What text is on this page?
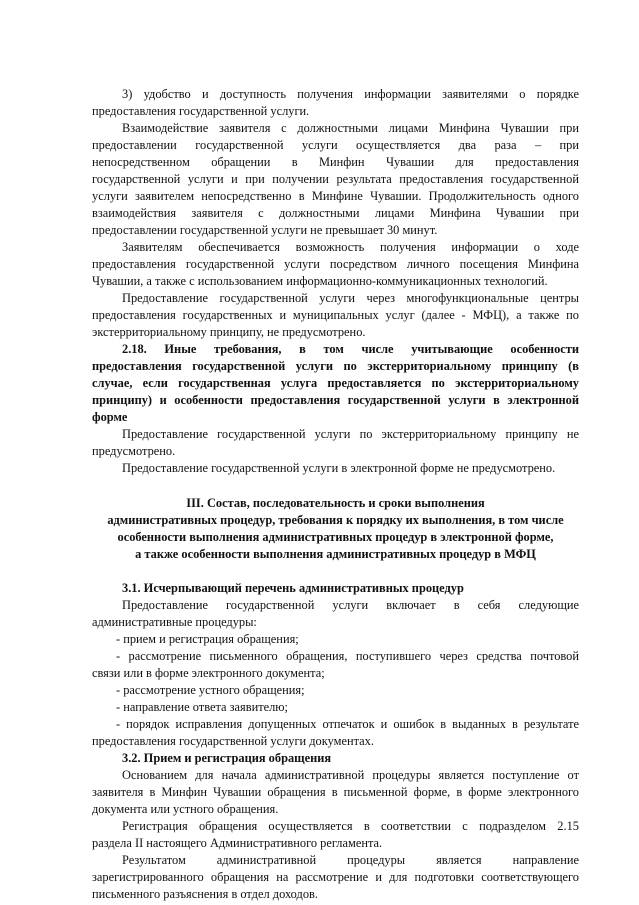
3) удобство и доступность получения информации заявителями о порядке
предоставления государственной услуги.
Взаимодействие заявителя с должностными лицами Минфина Чувашии при
предоставлении государственной услуги осуществляется два раза – при
непосредственном обращении в Минфин Чувашии для предоставления
государственной услуги и при получении результата предоставления государственной
услуги заявителем непосредственно в Минфине Чувашии. Продолжительность одного
взаимодействия заявителя с должностными лицами Минфина Чувашии при
предоставлении государственной услуги не превышает 30 минут.
Заявителям обеспечивается возможность получения информации о ходе
предоставления государственной услуги посредством личного посещения Минфина
Чувашии, а также с использованием информационно-коммуникационных технологий.
Предоставление государственной услуги через многофункциональные центры
предоставления государственных и муниципальных услуг (далее - МФЦ), а также по
экстерриториальному принципу, не предусмотрено.
2.18. Иные требования, в том числе учитывающие особенности
предоставления государственной услуги по экстерриториальному принципу (в
случае, если государственная услуга предоставляется по экстерриториальному
принципу) и особенности предоставления государственной услуги в электронной
форме
Предоставление государственной услуги по экстерриториальному принципу не
предусмотрено.
Предоставление государственной услуги в электронной форме не предусмотрено.
III. Состав, последовательность и сроки выполнения
административных процедур, требования к порядку их выполнения, в том числе
особенности выполнения административных процедур в электронной форме,
а также особенности выполнения административных процедур в МФЦ
3.1. Исчерпывающий перечень административных процедур
Предоставление государственной услуги включает в себя следующие
административные процедуры:
- прием и регистрация обращения;
- рассмотрение письменного обращения, поступившего через средства почтовой
связи или в форме электронного документа;
- рассмотрение устного обращения;
- направление ответа заявителю;
- порядок исправления допущенных отпечаток и ошибок в выданных в результате
предоставления государственной услуги документах.
3.2. Прием и регистрация обращения
Основанием для начала административной процедуры является поступление от
заявителя в Минфин Чувашии обращения в письменной форме, в форме электронного
документа или устного обращения.
Регистрация обращения осуществляется в соответствии с подразделом 2.15
раздела II настоящего Административного регламента.
Результатом административной процедуры является направление
зарегистрированного обращения на рассмотрение и для подготовки соответствующего
письменного разъяснения в отдел доходов.
